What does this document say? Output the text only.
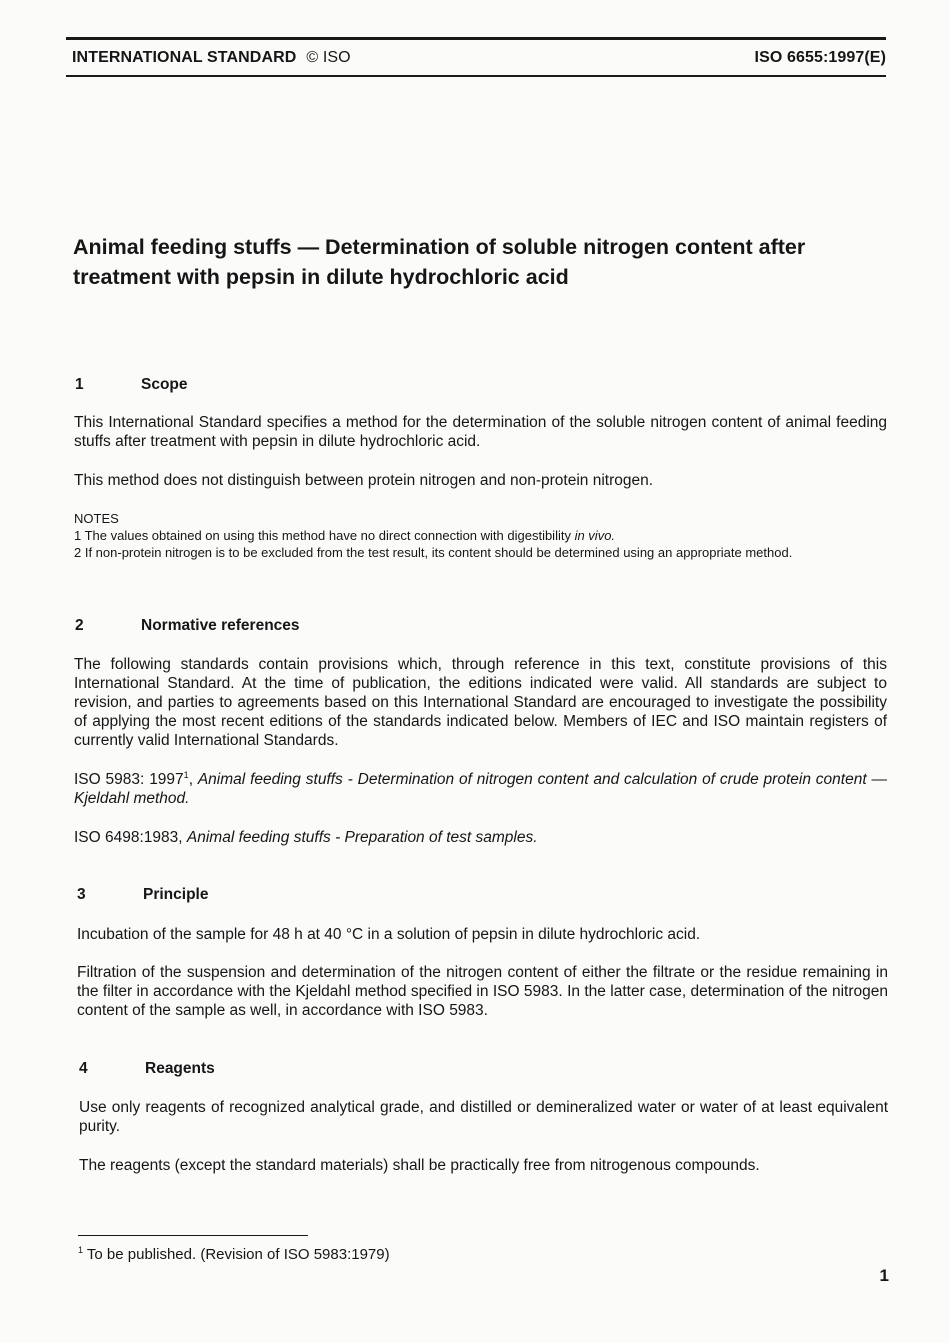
INTERNATIONAL STANDARD © ISO	ISO 6655:1997(E)
Animal feeding stuffs — Determination of soluble nitrogen content after
treatment with pepsin in dilute hydrochloric acid
1	Scope
This International Standard specifies a method for the determination of the soluble nitrogen content of animal feeding stuffs after treatment with pepsin in dilute hydrochloric acid.
This method does not distinguish between protein nitrogen and non-protein nitrogen.
NOTES
1 The values obtained on using this method have no direct connection with digestibility in vivo.
2 If non-protein nitrogen is to be excluded from the test result, its content should be determined using an appropriate method.
2	Normative references
The following standards contain provisions which, through reference in this text, constitute provisions of this International Standard. At the time of publication, the editions indicated were valid. All standards are subject to revision, and parties to agreements based on this International Standard are encouraged to investigate the possibility of applying the most recent editions of the standards indicated below. Members of IEC and ISO maintain registers of currently valid International Standards.
ISO 5983: 1997$^1$, Animal feeding stuffs - Determination of nitrogen content and calculation of crude protein content — Kjeldahl method.
ISO 6498:1983, Animal feeding stuffs - Preparation of test samples.
3	Principle
Incubation of the sample for 48 h at 40 °C in a solution of pepsin in dilute hydrochloric acid.
Filtration of the suspension and determination of the nitrogen content of either the filtrate or the residue remaining in the filter in accordance with the Kjeldahl method specified in ISO 5983. In the latter case, determination of the nitrogen content of the sample as well, in accordance with ISO 5983.
4	Reagents
Use only reagents of recognized analytical grade, and distilled or demineralized water or water of at least equivalent purity.
The reagents (except the standard materials) shall be practically free from nitrogenous compounds.
$^1$ To be published. (Revision of ISO 5983:1979)
1
